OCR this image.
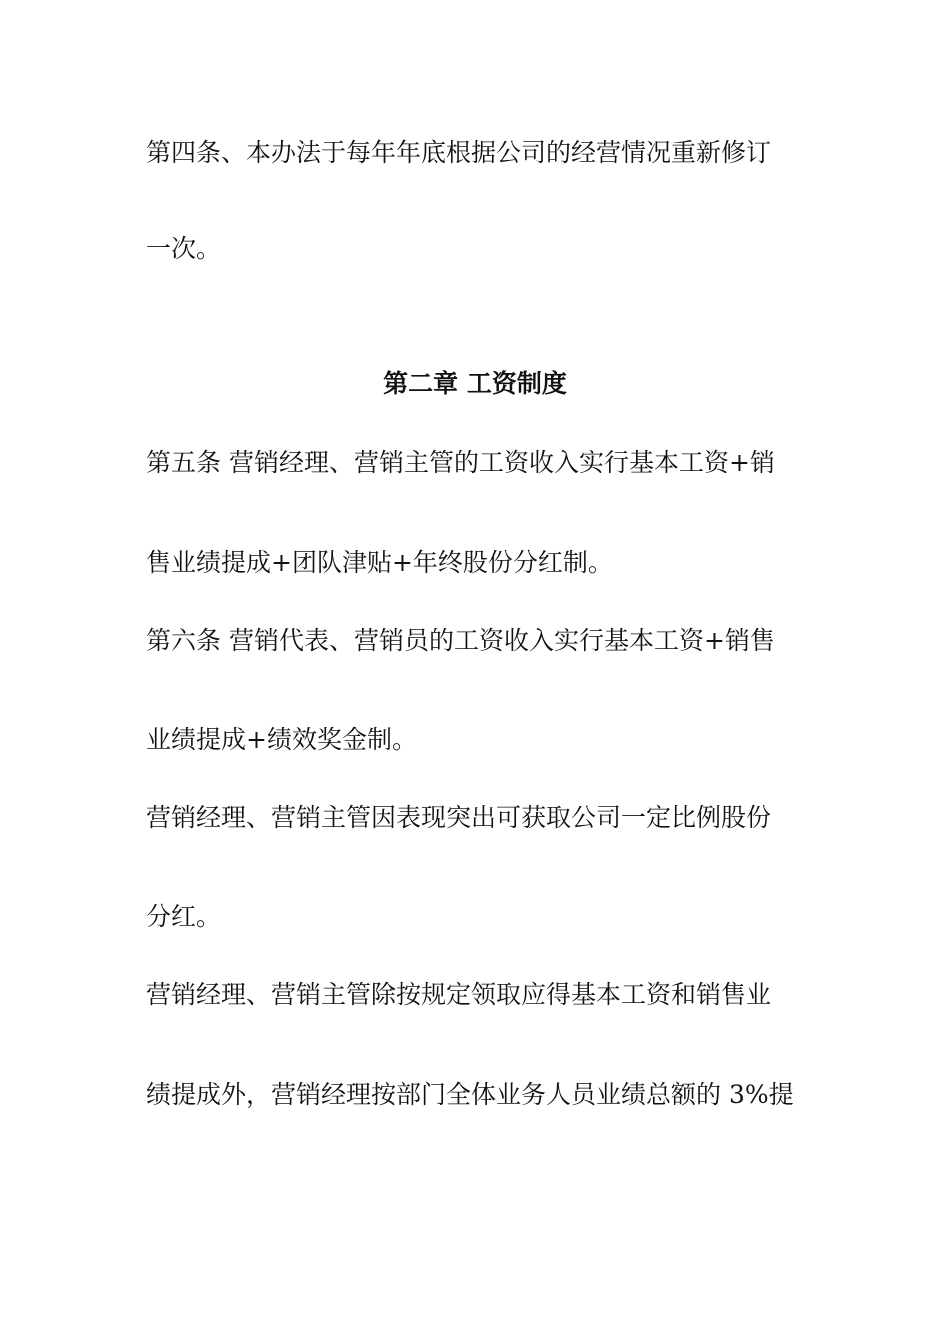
第四条、本办法于每年年底根据公司的经营情况重新修订
一次。
第二章 工资制度
第五条 营销经理、营销主管的工资收入实行基本工资+销
售业绩提成+团队津贴+年终股份分红制。
第六条 营销代表、营销员的工资收入实行基本工资+销售
业绩提成+绩效奖金制。
营销经理、营销主管因表现突出可获取公司一定比例股份
分红。
营销经理、营销主管除按规定领取应得基本工资和销售业
绩提成外，营销经理按部门全体业务人员业绩总额的 3%提
